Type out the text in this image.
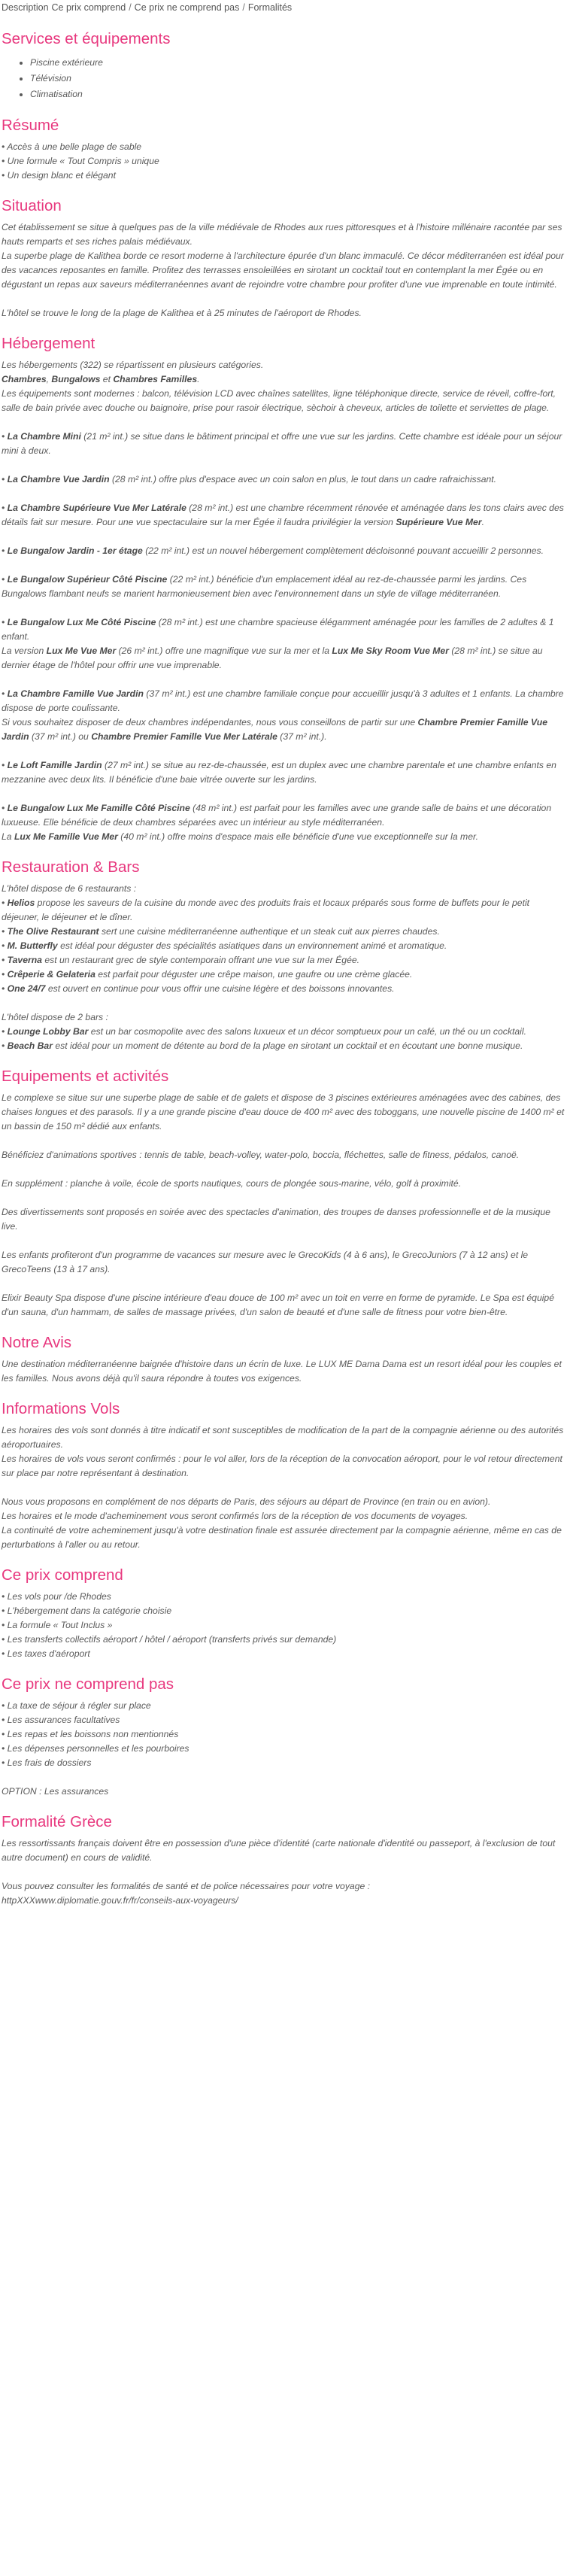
Description Ce prix comprend / Ce prix ne comprend pas / Formalités
Services et équipements
• Piscine extérieure
• Télévision
• Climatisation
Résumé

• Accès à une belle plage de sable

• Une formule « Tout Compris » unique

• Un design blanc et élégant

Situation

Cet établissement se situe à quelques pas de la ville médiévale de Rhodes aux rues pittoresques et à l'histoire millénaire racontée par ses hauts remparts et ses riches palais médiévaux.

La superbe plage de Kalithea borde ce resort moderne à l'architecture épurée d'un blanc immaculé. Ce décor méditerranéen est idéal pour des vacances reposantes en famille. Profitez des terrasses ensoleillées en sirotant un cocktail tout en contemplant la mer Égée ou en dégustant un repas aux saveurs méditerranéennes avant de rejoindre votre chambre pour profiter d'une vue imprenable en toute intimité.

L'hôtel se trouve le long de la plage de Kalithea et à 25 minutes de l'aéroport de Rhodes.

Hébergement

Les hébergements (322) se répartissent en plusieurs catégories.

Chambres, Bungalows et Chambres Familles.

Les équipements sont modernes : balcon, télévision LCD avec chaînes satellites, ligne téléphonique directe, service de réveil, coffre-fort, salle de bain privée avec douche ou baignoire, prise pour rasoir électrique, sèchoir à cheveux, articles de toilette et serviettes de plage.

• La Chambre Mini (21 m² int.) se situe dans le bâtiment principal et offre une vue sur les jardins. Cette chambre est idéale pour un séjour mini à deux.

• La Chambre Vue Jardin (28 m² int.) offre plus d'espace avec un coin salon en plus, le tout dans un cadre rafraichissant.

• La Chambre Supérieure Vue Mer Latérale (28 m² int.) est une chambre récemment rénovée et aménagée dans les tons clairs avec des détails fait sur mesure. Pour une vue spectaculaire sur la mer Égée il faudra privilégier la version Supérieure Vue Mer.

• Le Bungalow Jardin - 1er étage (22 m² int.) est un nouvel hébergement complètement décloisonné pouvant accueillir 2 personnes.

• Le Bungalow Supérieur Côté Piscine (22 m² int.) bénéficie d'un emplacement idéal au rez-de-chaussée parmi les jardins. Ces Bungalows flambant neufs se marient harmonieusement bien avec l'environnement dans un style de village méditerranéen.

• Le Bungalow Lux Me Côté Piscine (28 m² int.) est une chambre spacieuse élégamment aménagée pour les familles de 2 adultes & 1 enfant.

La version Lux Me Vue Mer (26 m² int.) offre une magnifique vue sur la mer et la Lux Me Sky Room Vue Mer (28 m² int.) se situe au dernier étage de l'hôtel pour offrir une vue imprenable.

• La Chambre Famille Vue Jardin (37 m² int.) est une chambre familiale conçue pour accueillir jusqu'à 3 adultes et 1 enfants. La chambre dispose de porte coulissante.

Si vous souhaitez disposer de deux chambres indépendantes, nous vous conseillons de partir sur une Chambre Premier Famille Vue Jardin (37 m² int.) ou Chambre Premier Famille Vue Mer Latérale (37 m² int.).

• Le Loft Famille Jardin (27 m² int.) se situe au rez-de-chaussée, est un duplex avec une chambre parentale et une chambre enfants en mezzanine avec deux lits. Il bénéficie d'une baie vitrée ouverte sur les jardins.

• Le Bungalow Lux Me Famille Côté Piscine (48 m² int.) est parfait pour les familles avec une grande salle de bains et une décoration luxueuse. Elle bénéficie de deux chambres séparées avec un intérieur au style méditerranéen.

La Lux Me Famille Vue Mer (40 m² int.) offre moins d'espace mais elle bénéficie d'une vue exceptionnelle sur la mer.

Restauration & Bars

L'hôtel dispose de 6 restaurants :

• Helios propose les saveurs de la cuisine du monde avec des produits frais et locaux préparés sous forme de buffets pour le petit déjeuner, le déjeuner et le dîner.

• The Olive Restaurant sert une cuisine méditerranéenne authentique et un steak cuit aux pierres chaudes.

• M. Butterfly est idéal pour déguster des spécialités asiatiques dans un environnement animé et aromatique.

• Taverna est un restaurant grec de style contemporain offrant une vue sur la mer Égée.

• Crêperie & Gelateria est parfait pour déguster une crêpe maison, une gaufre ou une crème glacée.

• One 24/7 est ouvert en continue pour vous offrir une cuisine légère et des boissons innovantes.

L'hôtel dispose de 2 bars :

• Lounge Lobby Bar est un bar cosmopolite avec des salons luxueux et un décor somptueux pour un café, un thé ou un cocktail.

• Beach Bar est idéal pour un moment de détente au bord de la plage en sirotant un cocktail et en écoutant une bonne musique.

Equipements et activités

Le complexe se situe sur une superbe plage de sable et de galets et dispose de 3 piscines extérieures aménagées avec des cabines, des chaises longues et des parasols. Il y a une grande piscine d'eau douce de 400 m² avec des toboggans, une nouvelle piscine de 1400 m² et un bassin de 150 m² dédié aux enfants.

Bénéficiez d'animations sportives : tennis de table, beach-volley, water-polo, boccia, fléchettes, salle de fitness, pédalos, canoë.

En supplément : planche à voile, école de sports nautiques, cours de plongée sous-marine, vélo, golf à proximité.

Des divertissements sont proposés en soirée avec des spectacles d'animation, des troupes de danses professionnelle et de la musique live.

Les enfants profiteront d'un programme de vacances sur mesure avec le GrecoKids (4 à 6 ans), le GrecoJuniors (7 à 12 ans) et le GrecoTeens (13 à 17 ans).

Elixir Beauty Spa dispose d'une piscine intérieure d'eau douce de 100 m² avec un toit en verre en forme de pyramide. Le Spa est équipé d'un sauna, d'un hammam, de salles de massage privées, d'un salon de beauté et d'une salle de fitness pour votre bien-être.

Notre Avis

Une destination méditerranéenne baignée d'histoire dans un écrin de luxe. Le LUX ME Dama Dama est un resort idéal pour les couples et les familles. Nous avons déjà qu'il saura répondre à toutes vos exigences.

Informations Vols

Les horaires des vols sont donnés à titre indicatif et sont susceptibles de modification de la part de la compagnie aérienne ou des autorités aéroportuaires.

Les horaires de vols vous seront confirmés : pour le vol aller, lors de la réception de la convocation aéroport, pour le vol retour directement sur place par notre représentant à destination.

Nous vous proposons en complément de nos départs de Paris, des séjours au départ de Province (en train ou en avion).

Les horaires et le mode d'acheminement vous seront confirmés lors de la réception de vos documents de voyages.

La continuité de votre acheminement jusqu'à votre destination finale est assurée directement par la compagnie aérienne, même en cas de perturbations à l'aller ou au retour.

Ce prix comprend

• Les vols pour /de Rhodes

• L'hébergement dans la catégorie choisie

• La formule « Tout Inclus »

• Les transferts collectifs aéroport / hôtel / aéroport (transferts privés sur demande)

• Les taxes d'aéroport

Ce prix ne comprend pas

• La taxe de séjour à régler sur place

• Les assurances facultatives

• Les repas et les boissons non mentionnés

• Les dépenses personnelles et les pourboires

• Les frais de dossiers

OPTION : Les assurances

Formalité Grèce

Les ressortissants français doivent être en possession d'une pièce d'identité (carte nationale d'identité ou passeport, à l'exclusion de tout autre document) en cours de validité.

Vous pouvez consulter les formalités de santé et de police nécessaires pour votre voyage :

httpXXXwww.diplomatie.gouv.fr/fr/conseils-aux-voyageurs/
